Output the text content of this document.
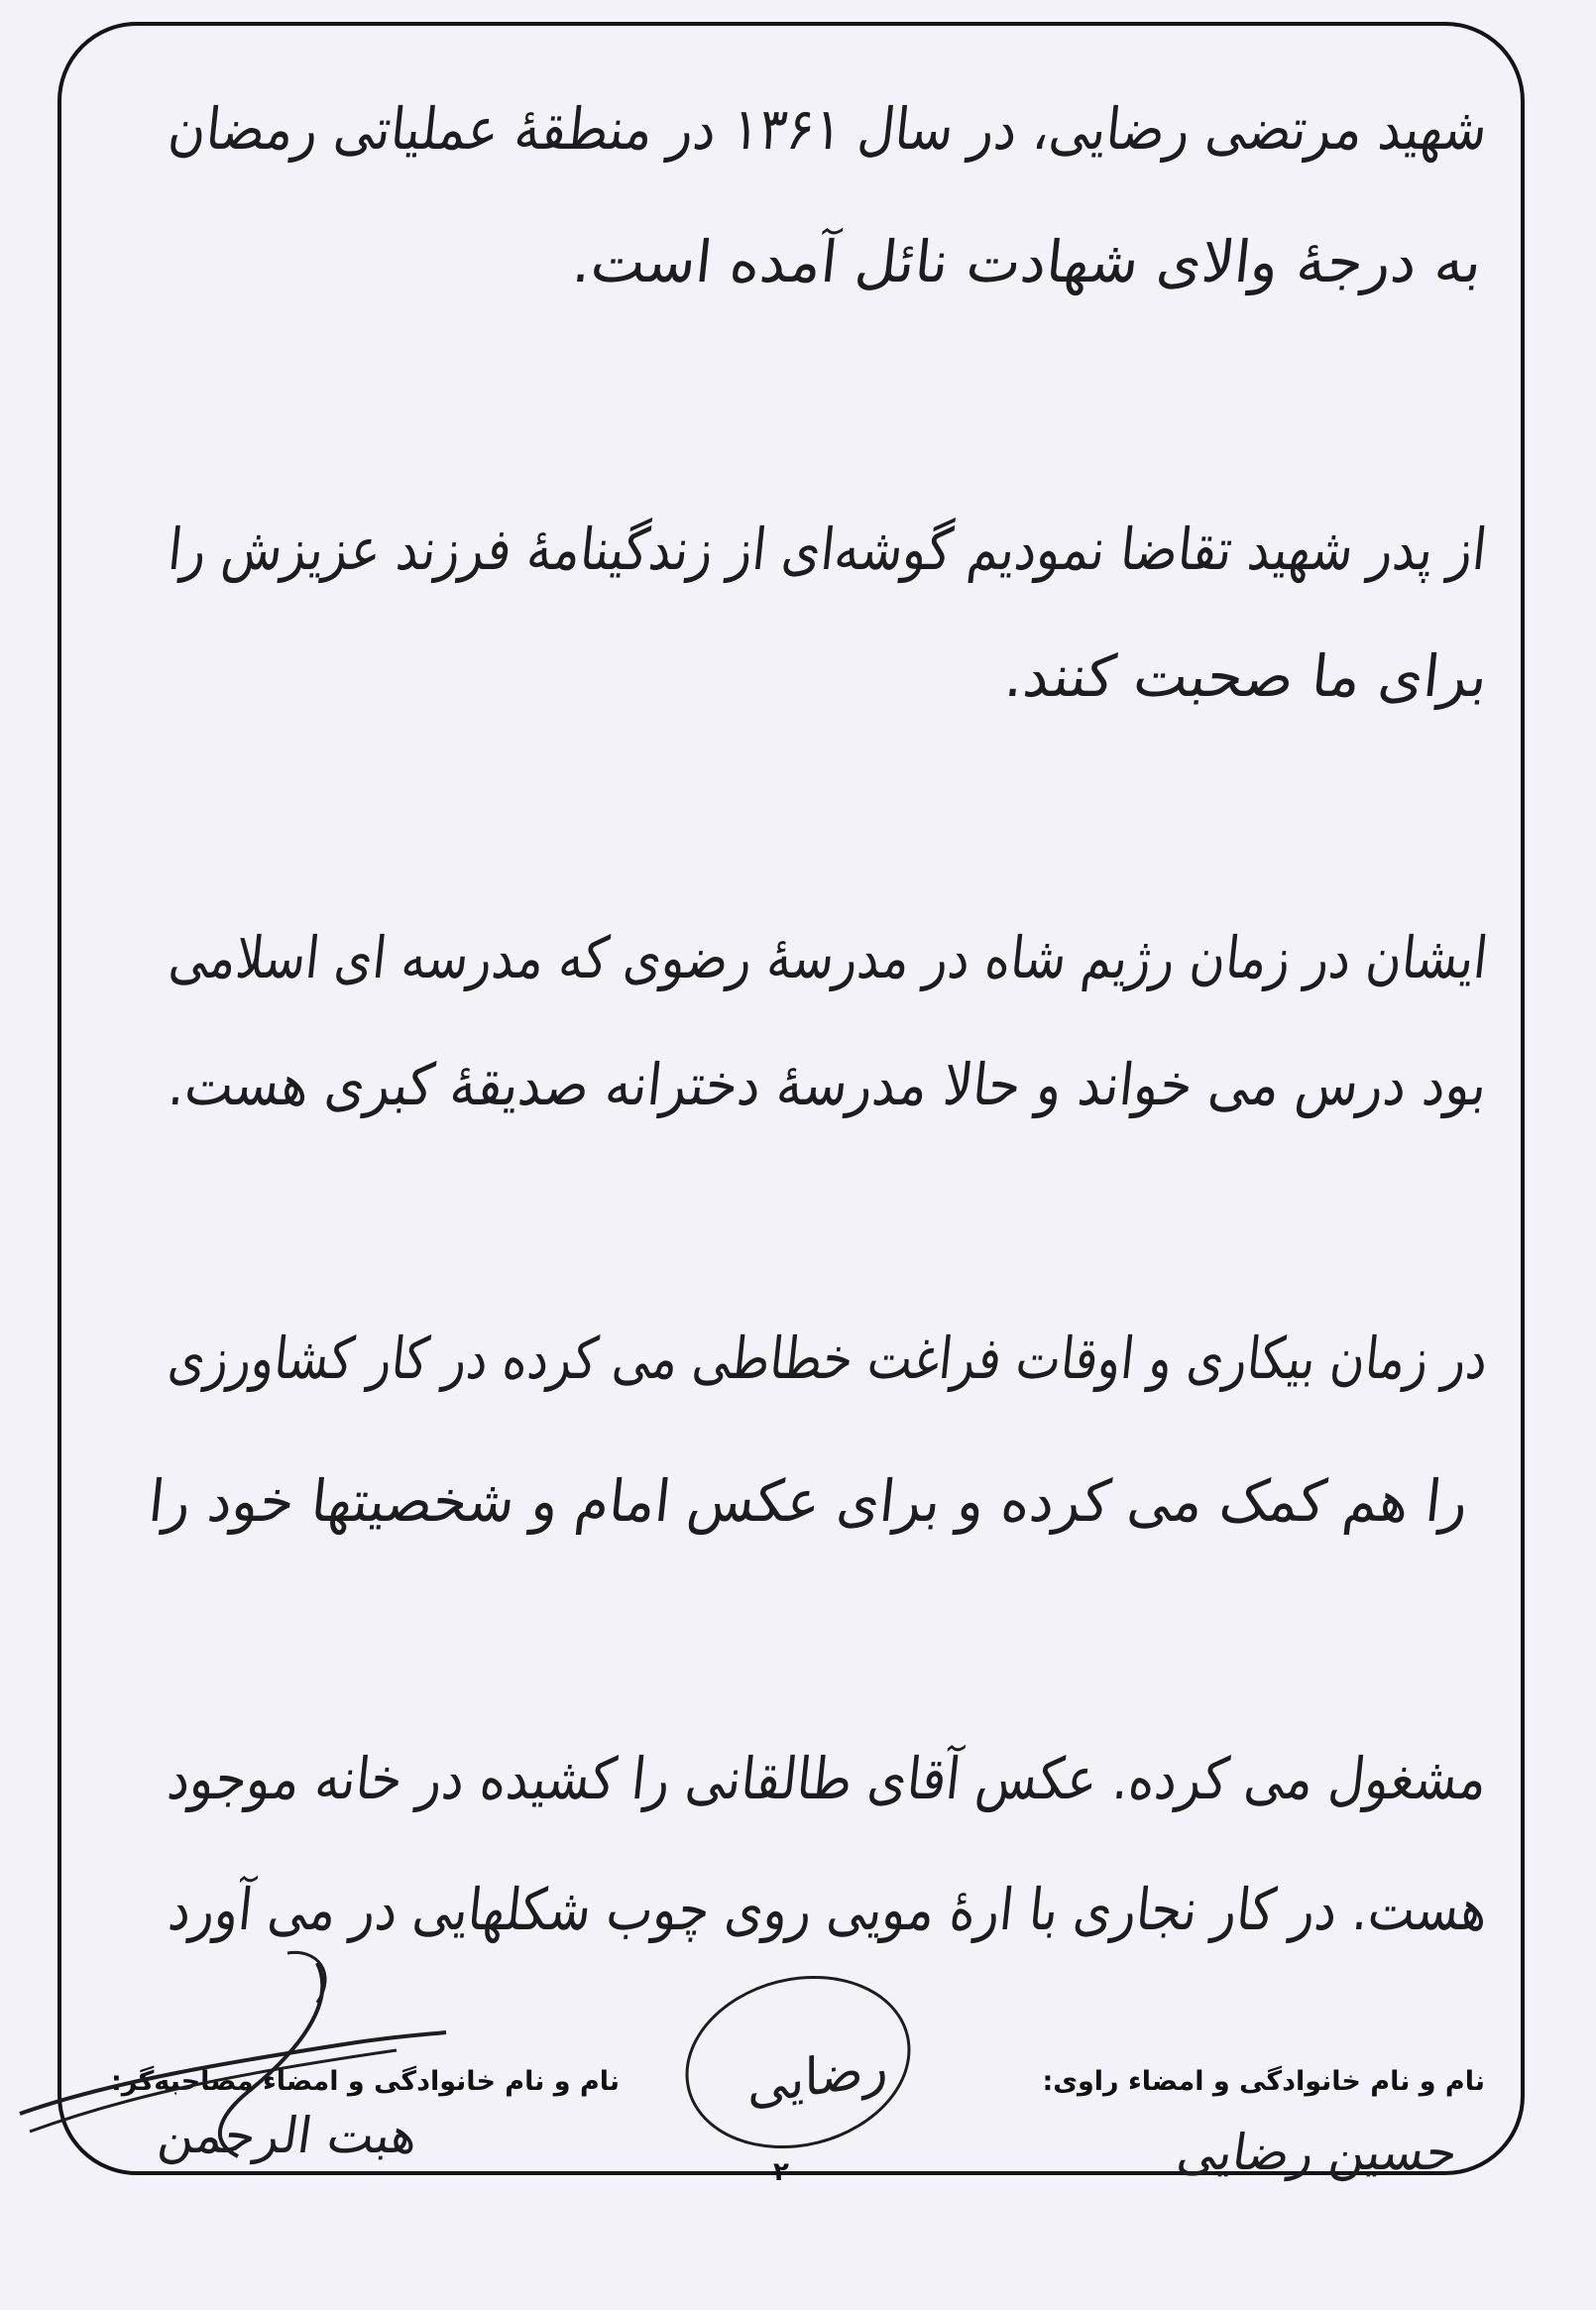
شهید مرتضی رضایی، در سال ۱۳۶۱ در منطقهٔ عملیاتی رمضان
به درجهٔ والای شهادت نائل آمده است.
از پدر شهید تقاضا نمودیم گوشه‌ای از زندگینامهٔ فرزند عزیزش را
برای ما صحبت کنند.
ایشان در زمان رژیم شاه در مدرسهٔ رضوی که مدرسه ای اسلامی
بود درس می خواند و حالا مدرسهٔ دخترانه صدیقهٔ کبری هست.
در زمان بیکاری و اوقات فراغت خطاطی می کرده در کار کشاورزی
را هم کمک می کرده و برای عکس امام و شخصیتها خود را
مشغول می کرده. عکس آقای طالقانی را کشیده در خانه موجود
هست. در کار نجاری با ارهٔ مویی روی چوب شکلهایی در می آورد
نام و نام خانوادگی و امضاء راوی:
نام و نام خانوادگی و امضاء مصاحبه‌گر:
حسین رضایی
هبت الرحمن
رضایی
۲
